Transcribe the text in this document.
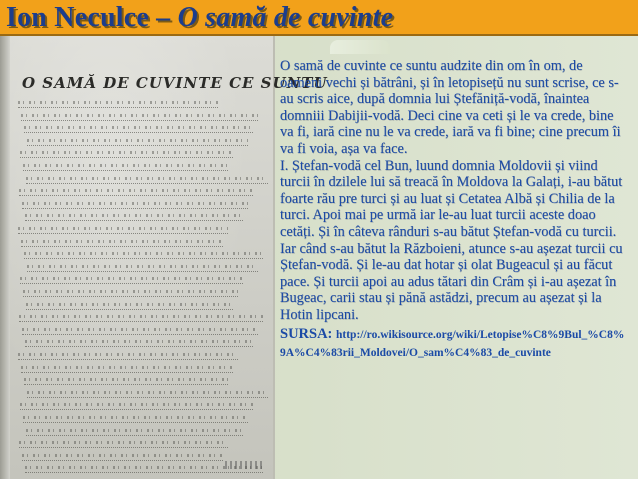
Ion Neculce – O samă de cuvinte
O SAMĂ DE CUVINTE CE SUNTU

O samă de cuvinte ce suntu audzite din om în om, de oameni vechi și bătrâni, și în letopisețŭ nu sunt scrise, ce s-au scris aice, după domnia lui Ștefăniță-vodă, înaintea domniii Dabijii-vodă. Deci cine va ceti și le va crede, bine va fi, iară cine nu le va crede, iară va fi bine; cine precum îi va fi voia, așa va face.

I. Ștefan-vodă cel Bun, luund domnia Moldovii și viind turcii în dzilele lui să treacă în Moldova la Galați, i-au bătut foarte rău pre turci și au luat și Cetatea Albă și Chilia de la turci. Apoi mai pe urmă iar le-au luat turcii aceste doao cetăți. Și în câteva rânduri s-au bătut Ștefan-vodă cu turcii. Iar când s-au bătut la Războieni, atunce s-au așezat turcii cu Ștefan-vodă. Și le-au dat hotar și olat Bugeacul și au făcut pace. Și turcii apoi au adus tătari din Crâm și i-au așezat în Bugeac, carii stau și pănă astădzi, precum au așezat și la Hotin lipcani.

SURSA: http://ro.wikisource.org/wiki/Letopise%C8%9Bul_%C8%9A%C4%83rii_Moldovei/O_sam%C4%83_de_cuvinte
